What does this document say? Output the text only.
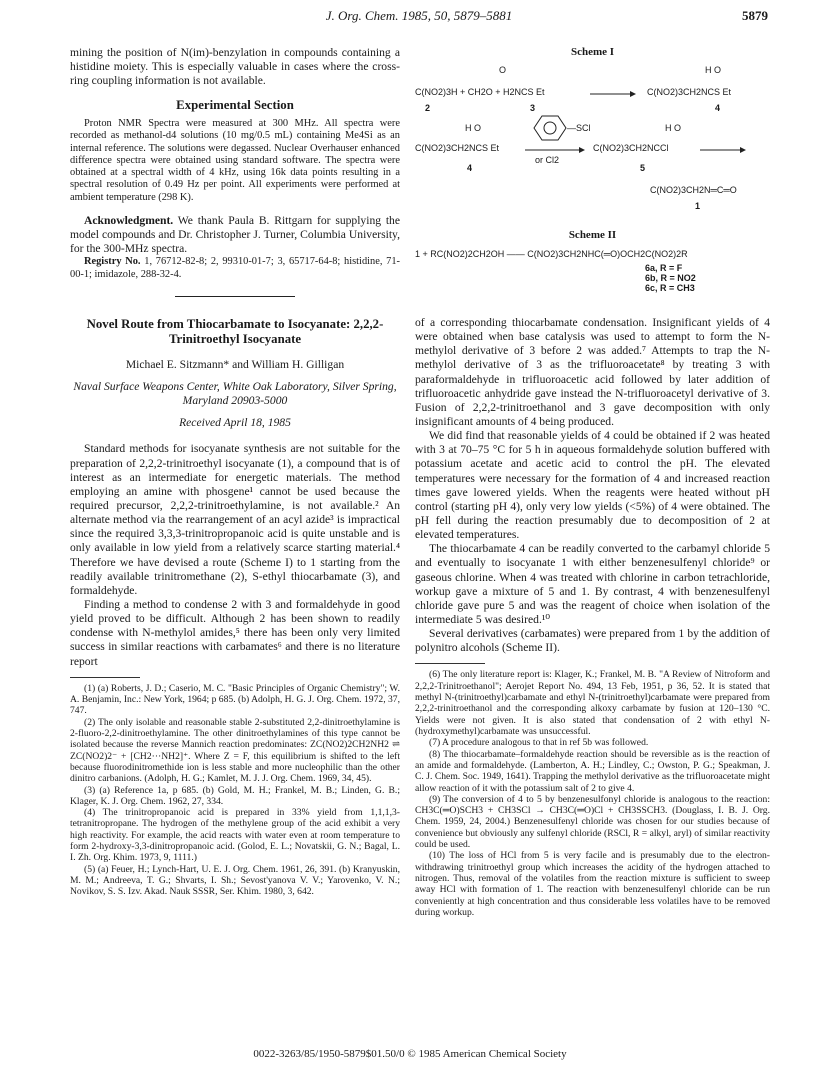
J. Org. Chem. 1985, 50, 5879–5881	5879

mining the position of N(im)-benzylation in compounds containing a histidine moiety. This is especially valuable in cases where the cross-ring coupling information is not available.

Experimental Section

Proton NMR Spectra were measured at 300 MHz. All spectra were recorded as methanol-d4 solutions (10 mg/0.5 mL) containing Me4Si as an internal reference. The solutions were degassed. Nuclear Overhauser enhanced difference spectra were obtained using standard software. The spectra were obtained at a spectral width of 4 kHz, using 16k data points resulting in a spectral resolution of 0.49 Hz per point. All experiments were performed at ambient temperature (298 K).

Acknowledgment. We thank Paula B. Rittgarn for supplying the model compounds and Dr. Christopher J. Turner, Columbia University, for the 300-MHz spectra.

Registry No. 1, 76712-82-8; 2, 99310-01-7; 3, 65717-64-8; histidine, 71-00-1; imidazole, 288-32-4.

Novel Route from Thiocarbamate to Isocyanate: 2,2,2-Trinitroethyl Isocyanate
Michael E. Sitzmann* and William H. Gilligan
Naval Surface Weapons Center, White Oak Laboratory, Silver Spring, Maryland 20903-5000
Received April 18, 1985

Standard methods for isocyanate synthesis are not suitable for the preparation of 2,2,2-trinitroethyl isocyanate (1), a compound that is of interest as an intermediate for energetic materials. The method employing an amine with phosgene¹ cannot be used because the required precursor, 2,2,2-trinitroethylamine, is not available.² An alternate method via the rearrangement of an acyl azide³ is impractical since the required 3,3,3-trinitropropanoic acid is quite unstable and is only available in low yield from a relatively scarce starting material.⁴ Therefore we have devised a route (Scheme I) to 1 starting from the readily available trinitromethane (2), S-ethyl thiocarbamate (3), and formaldehyde.

Finding a method to condense 2 with 3 and formaldehyde in good yield proved to be difficult. Although 2 has been shown to readily condense with N-methylol amides,⁵ there has been only very limited success in similar reactions with carbamates⁶ and there is no literature report

(1) (a) Roberts, J. D.; Caserio, M. C. "Basic Principles of Organic Chemistry"; W. A. Benjamin, Inc.: New York, 1964; p 685. (b) Adolph, H. G. J. Org. Chem. 1972, 37, 747.

(2) The only isolable and reasonable stable 2-substituted 2,2-dinitroethylamine is 2-fluoro-2,2-dinitroethylamine. The other dinitroethylamines of this type cannot be isolated because the reverse Mannich reaction predominates: ZC(NO2)2CH2NH2 ⇌ ZC(NO2)2⁻ + [CH2···NH2]⁺. Where Z = F, this equilibrium is shifted to the left because fluorodinitromethide ion is less stable and more nucleophilic than the other dinitro carbanions. (Adolph, H. G.; Kamlet, M. J. J. Org. Chem. 1969, 34, 45).

(3) (a) Reference 1a, p 685. (b) Gold, M. H.; Frankel, M. B.; Linden, G. B.; Klager, K. J. Org. Chem. 1962, 27, 334.

(4) The trinitropropanoic acid is prepared in 33% yield from 1,1,1,3-tetranitropropane. The hydrogen of the methylene group of the acid exhibit a very high reactivity. For example, the acid reacts with water even at room temperature to form 2-hydroxy-3,3-dinitropropanoic acid. (Golod, E. L.; Novatskii, G. N.; Bagal, L. I. Zh. Org. Khim. 1973, 9, 1111.)

(5) (a) Feuer, H.; Lynch-Hart, U. E. J. Org. Chem. 1961, 26, 391. (b) Kranyuskin, M. M.; Andreeva, T. G.; Shvarts, I. Sh.; Sevost'yanova V. V.; Yarovenko, V. N.; Novikov, S. S. Izv. Akad. Nauk SSSR, Ser. Khim. 1980, 3, 642.

Scheme I
O	H O
C(NO2)3H + CH2O + H2NCS Et	→ C(NO2)3CH2NCS Et
2	3	4
H O	—SCl	H O
C(NO2)3CH2NCS Et
or Cl2
C(NO2)3CH2NCCl
4	5
C(NO2)3CH2N═C═O
1
Scheme II
1 + RC(NO2)2CH2OH —— C(NO2)3CH2NHC(═O)OCH2C(NO2)2R
6a, R = F
6b, R = NO2
6c, R = CH3

of a corresponding thiocarbamate condensation. Insignificant yields of 4 were obtained when base catalysis was used to attempt to form the N-methylol derivative of 3 before 2 was added.⁷ Attempts to trap the N-methylol derivative of 3 as the trifluoroacetate⁸ by treating 3 with paraformaldehyde in trifluoroacetic acid followed by later addition of trifluoroacetic anhydride gave instead the N-trifluoroacetyl derivative of 3. Fusion of 2,2,2-trinitroethanol and 3 gave decomposition with only insignificant amounts of 4 being produced.

We did find that reasonable yields of 4 could be obtained if 2 was heated with 3 at 70–75 °C for 5 h in aqueous formaldehyde solution buffered with potassium acetate and acetic acid to control the pH. The elevated temperatures were necessary for the formation of 4 and increased reaction times gave lowered yields. When the reagents were heated without pH control (starting pH 4), only very low yields (<5%) of 4 were obtained. The pH fell during the reaction presumably due to decomposition of 2 at elevated temperatures.

The thiocarbamate 4 can be readily converted to the carbamyl chloride 5 and eventually to isocyanate 1 with either benzenesulfenyl chloride⁹ or gaseous chlorine. When 4 was treated with chlorine in carbon tetrachloride, workup gave a mixture of 5 and 1. By contrast, 4 with benzenesulfenyl chloride gave pure 5 and was the reagent of choice when isolation of the intermediate 5 was desired.¹⁰

Several derivatives (carbamates) were prepared from 1 by the addition of polynitro alcohols (Scheme II).

(6) The only literature report is: Klager, K.; Frankel, M. B. "A Review of Nitroform and 2,2,2-Trinitroethanol"; Aerojet Report No. 494, 13 Feb, 1951, p 36, 52. It is stated that methyl N-(trinitroethyl)carbamate and ethyl N-(trinitroethyl)carbamate were prepared from 2,2,2-trinitroethanol and the corresponding alkoxy carbamate by fusion at 120–130 °C. Yields were not given. It is also stated that condensation of 2 with ethyl N-(hydroxymethyl)carbamate was unsuccessful.

(7) A procedure analogous to that in ref 5b was followed.

(8) The thiocarbamate–formaldehyde reaction should be reversible as is the reaction of an amide and formaldehyde. (Lamberton, A. H.; Lindley, C.; Owston, P. G.; Speakman, J. C. J. Chem. Soc. 1949, 1641). Trapping the methylol derivative as the trifluoroacetate might allow reaction of it with the potassium salt of 2 to give 4.

(9) The conversion of 4 to 5 by benzenesulfonyl chloride is analogous to the reaction: CH3C(═O)SCH3 + CH3SCl → CH3C(═O)Cl + CH3SSCH3. (Douglass, I. B. J. Org. Chem. 1959, 24, 2004.) Benzenesulfenyl chloride was chosen for our studies because of convenience but obviously any sulfenyl chloride (RSCl, R = alkyl, aryl) of similar reactivity could be used.

(10) The loss of HCl from 5 is very facile and is presumably due to the electron-withdrawing trinitroethyl group which increases the acidity of the hydrogen attached to nitrogen. Thus, removal of the volatiles from the reaction mixture is sufficient to sweep away HCl with formation of 1. The reaction with benzenesulfenyl chloride can be run conveniently at high concentration and thus considerable less volatiles have to be removed during workup.

0022-3263/85/1950-5879$01.50/0 © 1985 American Chemical Society
